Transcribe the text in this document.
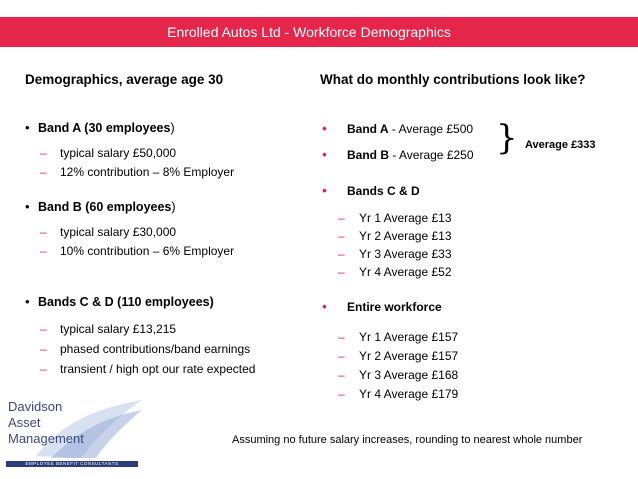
Enrolled Autos Ltd - Workforce Demographics
Demographics, average age 30
• Band A (30 employees)
– typical salary £50,000
– 12% contribution – 8% Employer
• Band B (60 employees)
– typical salary £30,000
– 10% contribution – 6% Employer
• Bands C & D (110 employees)
– typical salary £13,215
– phased contributions/band earnings
– transient / high opt our rate expected
What do monthly contributions look like?
• Band A - Average £500
• Band B - Average £250 } Average £333
• Bands C & D
– Yr 1 Average £13
– Yr 2 Average £13
– Yr 3 Average £33
– Yr 4 Average £52
• Entire workforce
– Yr 1 Average £157
– Yr 2 Average £157
– Yr 3 Average £168
– Yr 4 Average £179
Assuming no future salary increases, rounding to nearest whole number
Davidson
Asset
Management
EMPLOYEE BENEFIT CONSULTANTS
